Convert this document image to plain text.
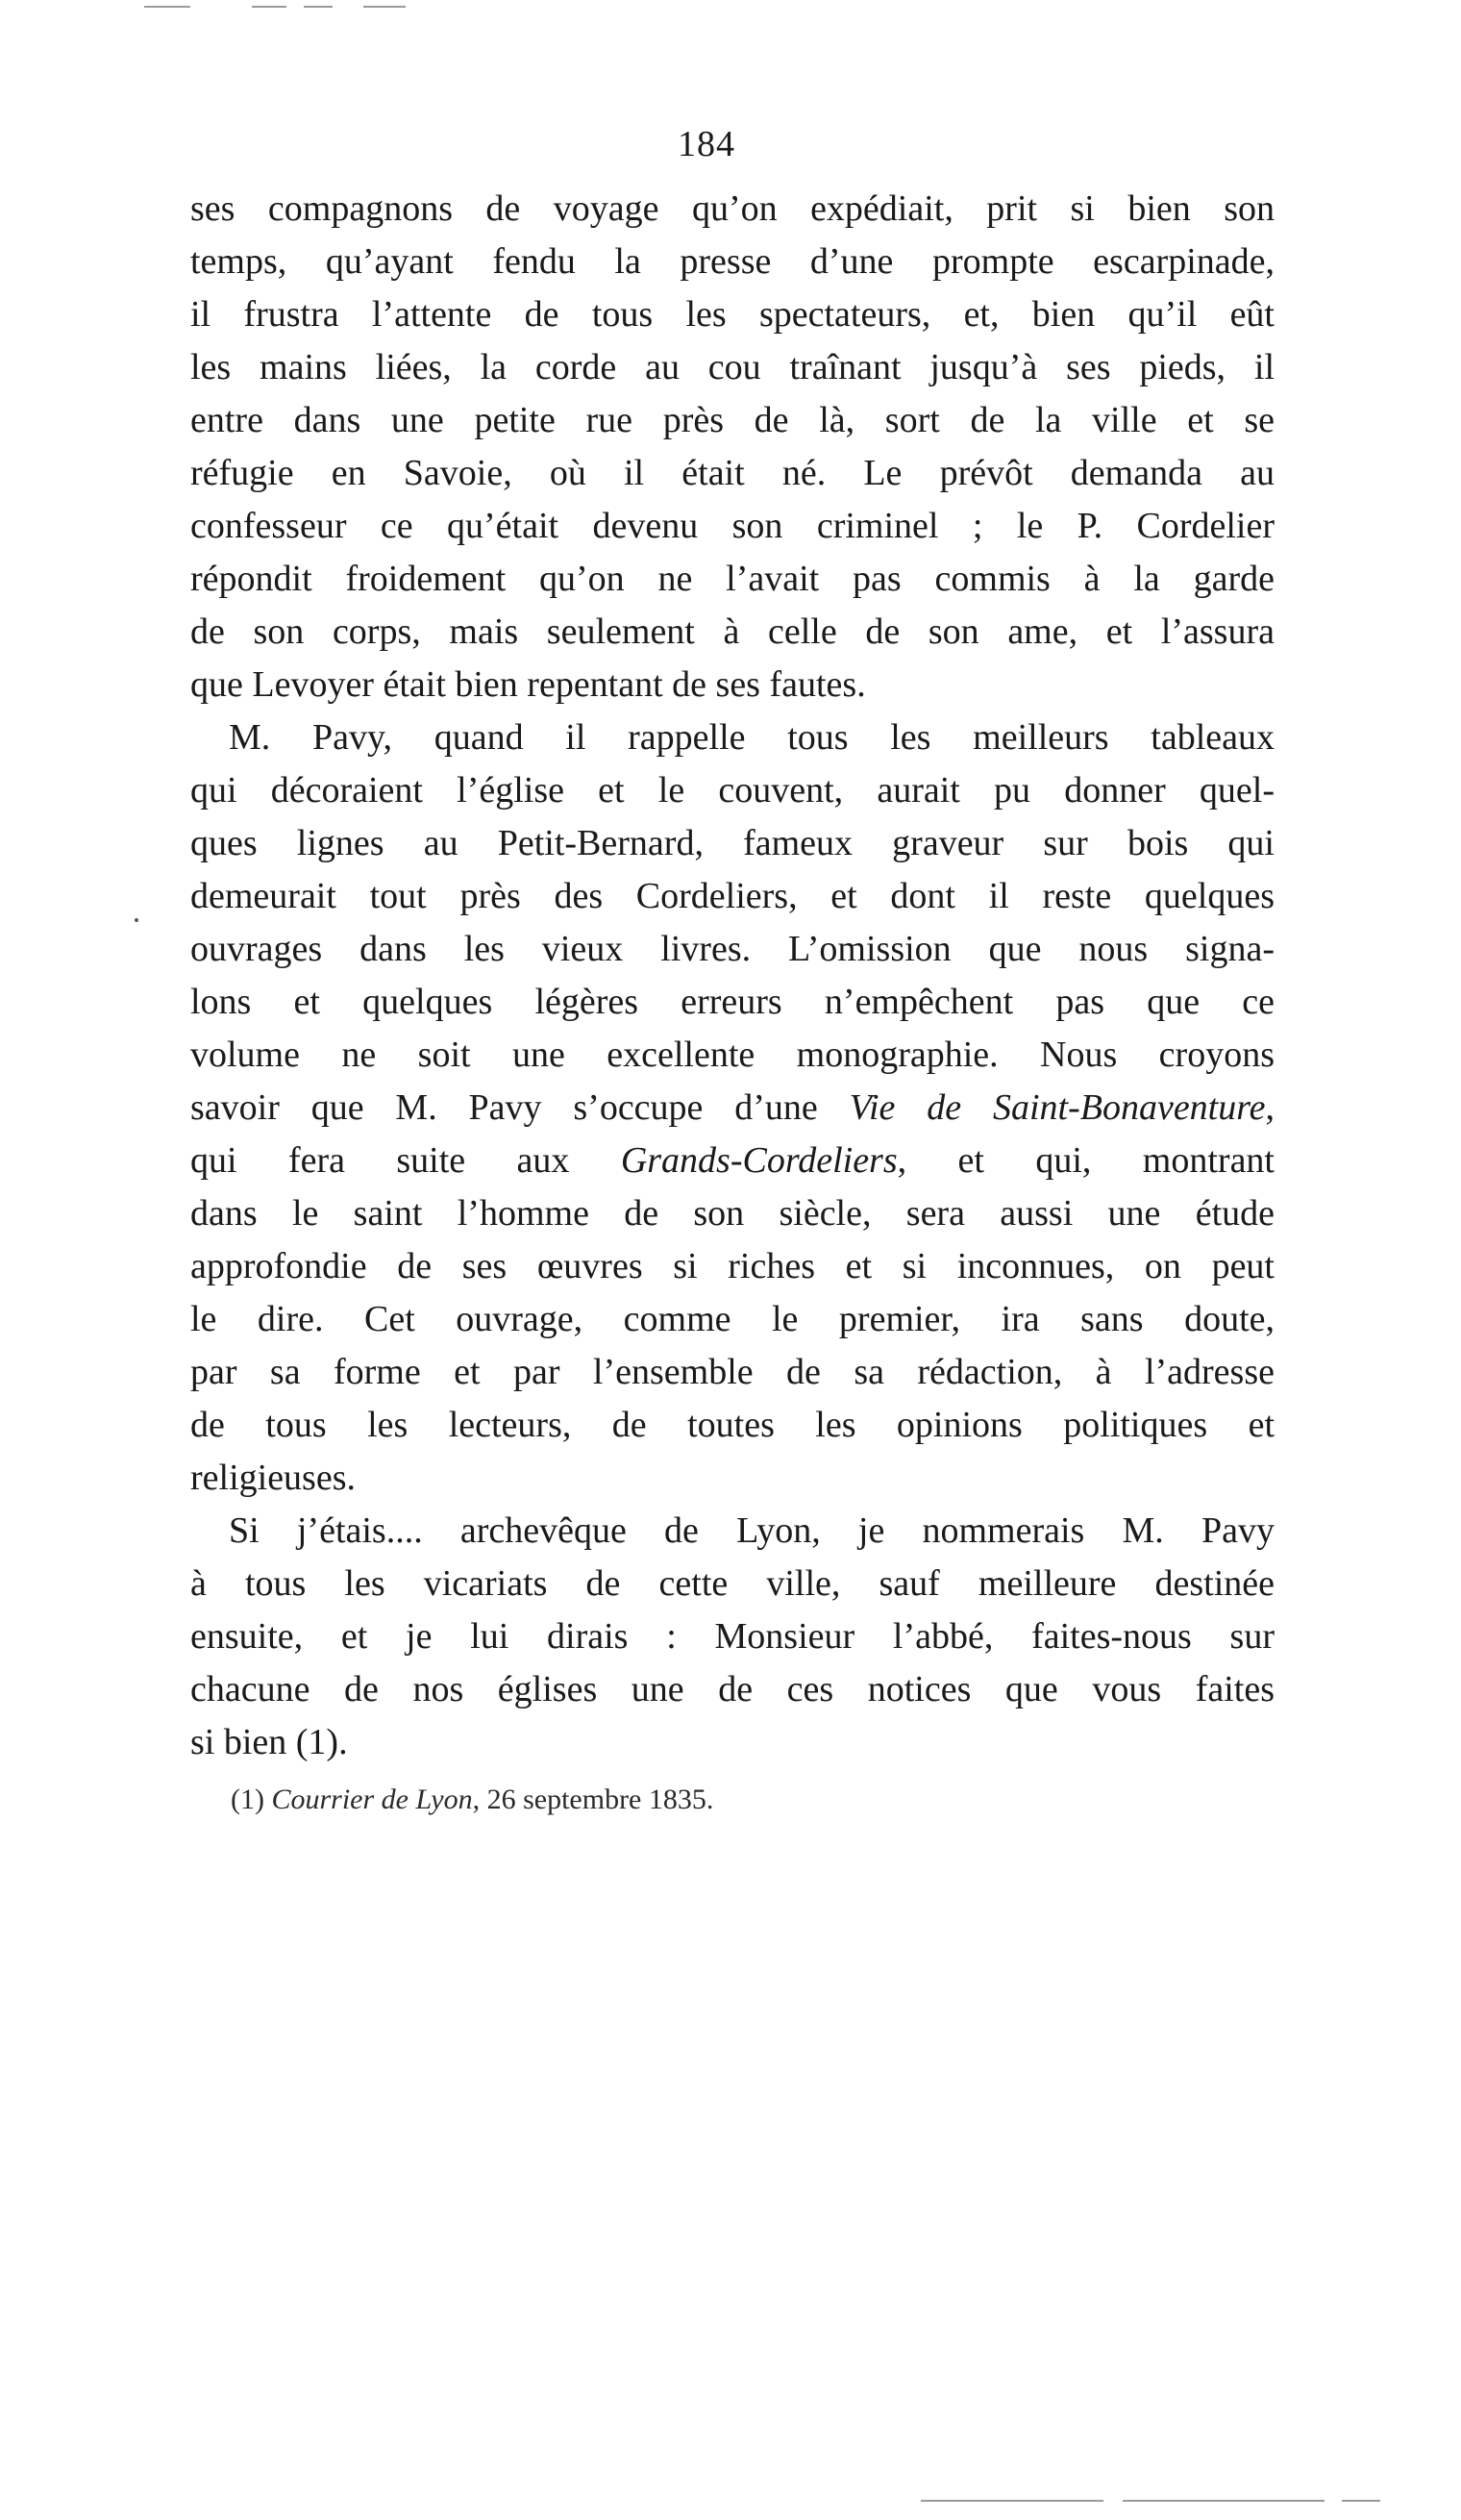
184
ses compagnons de voyage qu’on expédiait, prit si bien son
temps, qu’ayant fendu la presse d’une prompte escarpinade,
il frustra l’attente de tous les spectateurs, et, bien qu’il eût
les mains liées, la corde au cou traînant jusqu’à ses pieds, il
entre dans une petite rue près de là, sort de la ville et se
réfugie en Savoie, où il était né. Le prévôt demanda au
confesseur ce qu’était devenu son criminel ; le P. Cordelier
répondit froidement qu’on ne l’avait pas commis à la garde
de son corps, mais seulement à celle de son ame, et l’assura
que Levoyer était bien repentant de ses fautes.
M. Pavy, quand il rappelle tous les meilleurs tableaux
qui décoraient l’église et le couvent, aurait pu donner quel-
ques lignes au Petit-Bernard, fameux graveur sur bois qui
demeurait tout près des Cordeliers, et dont il reste quelques
ouvrages dans les vieux livres. L’omission que nous signa-
lons et quelques légères erreurs n’empêchent pas que ce
volume ne soit une excellente monographie. Nous croyons
savoir que M. Pavy s’occupe d’une Vie de Saint-Bonaventure,
qui fera suite aux Grands-Cordeliers, et qui, montrant
dans le saint l’homme de son siècle, sera aussi une étude
approfondie de ses œuvres si riches et si inconnues, on peut
le dire. Cet ouvrage, comme le premier, ira sans doute,
par sa forme et par l’ensemble de sa rédaction, à l’adresse
de tous les lecteurs, de toutes les opinions politiques et
religieuses.
Si j’étais.... archevêque de Lyon, je nommerais M. Pavy
à tous les vicariats de cette ville, sauf meilleure destinée
ensuite, et je lui dirais : Monsieur l’abbé, faites-nous sur
chacune de nos églises une de ces notices que vous faites
si bien (1).
(1) Courrier de Lyon, 26 septembre 1835.
